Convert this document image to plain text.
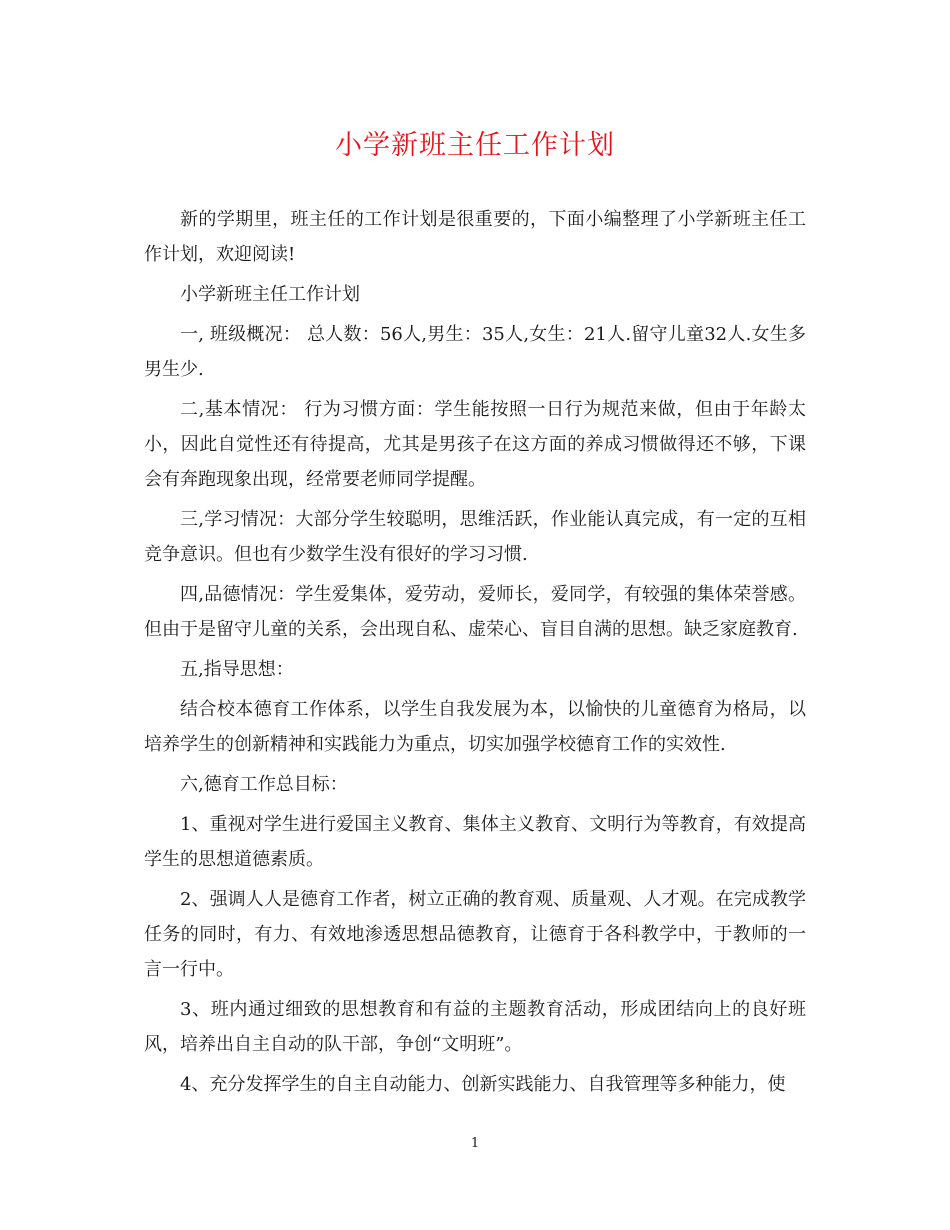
小学新班主任工作计划

新的学期里，班主任的工作计划是很重要的，下面小编整理了小学新班主任工作计划，欢迎阅读!

小学新班主任工作计划

一, 班级概况： 总人数：56人,男生：35人,女生：21人.留守儿童32人.女生多男生少.

二,基本情况： 行为习惯方面：学生能按照一日行为规范来做，但由于年龄太小，因此自觉性还有待提高，尤其是男孩子在这方面的养成习惯做得还不够，下课会有奔跑现象出现，经常要老师同学提醒。

三,学习情况：大部分学生较聪明，思维活跃，作业能认真完成，有一定的互相竞争意识。但也有少数学生没有很好的学习习惯.

四,品德情况：学生爱集体，爱劳动，爱师长，爱同学，有较强的集体荣誉感。但由于是留守儿童的关系，会出现自私、虚荣心、盲目自满的思想。缺乏家庭教育.

五,指导思想：

结合校本德育工作体系，以学生自我发展为本，以愉快的儿童德育为格局，以培养学生的创新精神和实践能力为重点，切实加强学校德育工作的实效性.

六,德育工作总目标：

1、重视对学生进行爱国主义教育、集体主义教育、文明行为等教育，有效提高学生的思想道德素质。

2、强调人人是德育工作者，树立正确的教育观、质量观、人才观。在完成教学任务的同时，有力、有效地渗透思想品德教育，让德育于各科教学中，于教师的一言一行中。

3、班内通过细致的思想教育和有益的主题教育活动，形成团结向上的良好班风，培养出自主自动的队干部，争创“文明班”。

4、充分发挥学生的自主自动能力、创新实践能力、自我管理等多种能力，使

1
